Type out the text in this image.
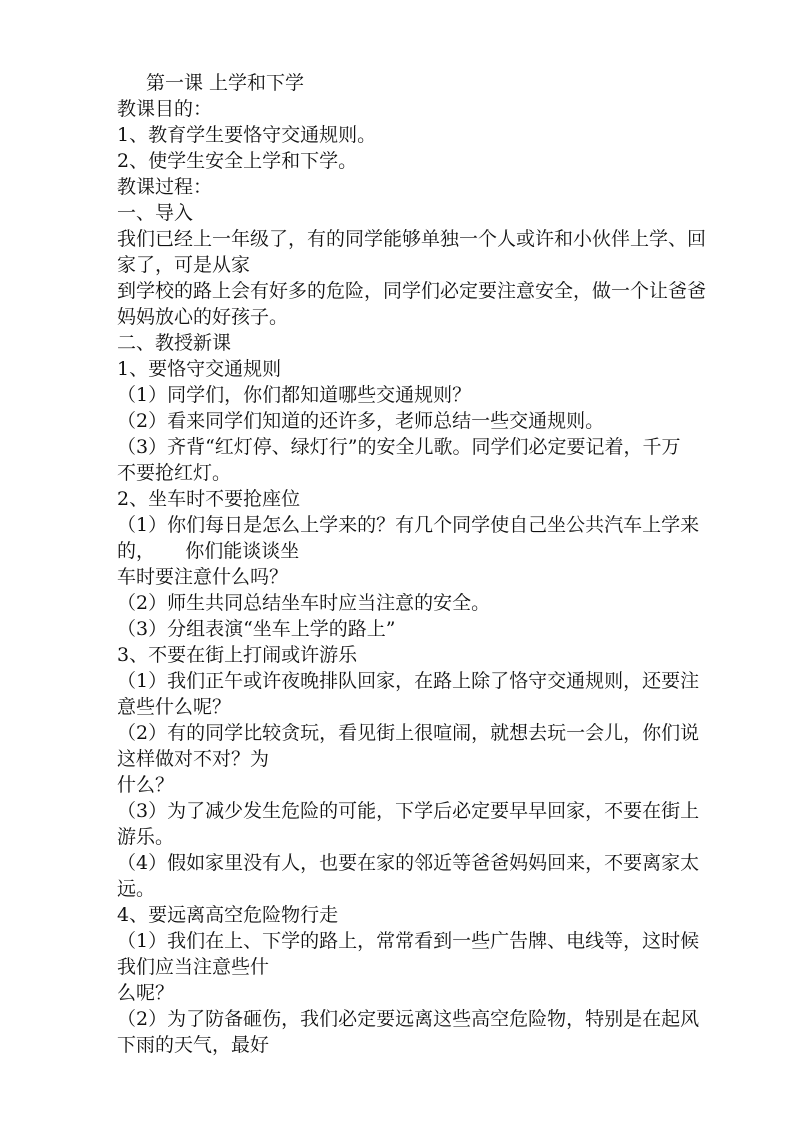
第一课 上学和下学
教课目的：
1、教育学生要恪守交通规则。
2、使学生安全上学和下学。
教课过程：
一、导入
我们已经上一年级了，有的同学能够单独一个人或许和小伙伴上学、回
家了，可是从家
到学校的路上会有好多的危险，同学们必定要注意安全，做一个让爸爸
妈妈放心的好孩子。
二、教授新课
1、要恪守交通规则
（1）同学们，你们都知道哪些交通规则？
（2）看来同学们知道的还许多，老师总结一些交通规则。
（3）齐背“红灯停、绿灯行”的安全儿歌。同学们必定要记着，千万
不要抢红灯。
2、坐车时不要抢座位
（1）你们每日是怎么上学来的？有几个同学使自己坐公共汽车上学来
的，     你们能谈谈坐
车时要注意什么吗？
（2）师生共同总结坐车时应当注意的安全。
（3）分组表演“坐车上学的路上”
3、不要在街上打闹或许游乐
（1）我们正午或许夜晚排队回家，在路上除了恪守交通规则，还要注
意些什么呢？
（2）有的同学比较贪玩，看见街上很喧闹，就想去玩一会儿，你们说
这样做对不对？为
什么？
（3）为了减少发生危险的可能，下学后必定要早早回家，不要在街上
游乐。
（4）假如家里没有人，也要在家的邻近等爸爸妈妈回来，不要离家太
远。
4、要远离高空危险物行走
（1）我们在上、下学的路上，常常看到一些广告牌、电线等，这时候
我们应当注意些什
么呢？
（2）为了防备砸伤，我们必定要远离这些高空危险物，特别是在起风
下雨的天气，最好
